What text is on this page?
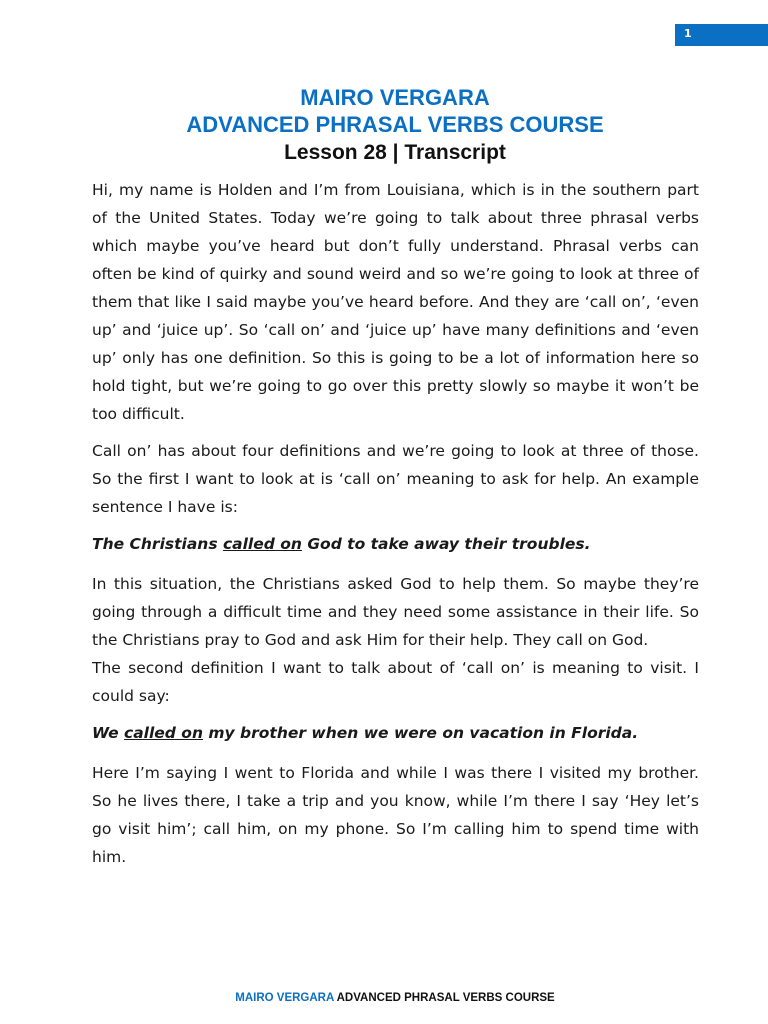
1
MAIRO VERGARA
ADVANCED PHRASAL VERBS COURSE
Lesson 28 | Transcript

Hi, my name is Holden and I’m from Louisiana, which is in the southern part of the United States. Today we’re going to talk about three phrasal verbs which maybe you’ve heard but don’t fully understand. Phrasal verbs can often be kind of quirky and sound weird and so we’re going to look at three of them that like I said maybe you’ve heard before. And they are ‘call on’, ‘even up’ and ‘juice up’. So ‘call on’ and ‘juice up’ have many definitions and ‘even up’ only has one definition. So this is going to be a lot of information here so hold tight, but we’re going to go over this pretty slowly so maybe it won’t be too difficult.

Call on’ has about four definitions and we’re going to look at three of those. So the first I want to look at is ‘call on’ meaning to ask for help. An example sentence I have is:

The Christians called on God to take away their troubles.

In this situation, the Christians asked God to help them. So maybe they’re going through a difficult time and they need some assistance in their life. So the Christians pray to God and ask Him for their help. They call on God.

The second definition I want to talk about of ‘call on’ is meaning to visit. I could say:

We called on my brother when we were on vacation in Florida.

Here I’m saying I went to Florida and while I was there I visited my brother. So he lives there, I take a trip and you know, while I’m there I say ‘Hey let’s go visit him’; call him, on my phone. So I’m calling him to spend time with him.

MAIRO VERGARA ADVANCED PHRASAL VERBS COURSE
